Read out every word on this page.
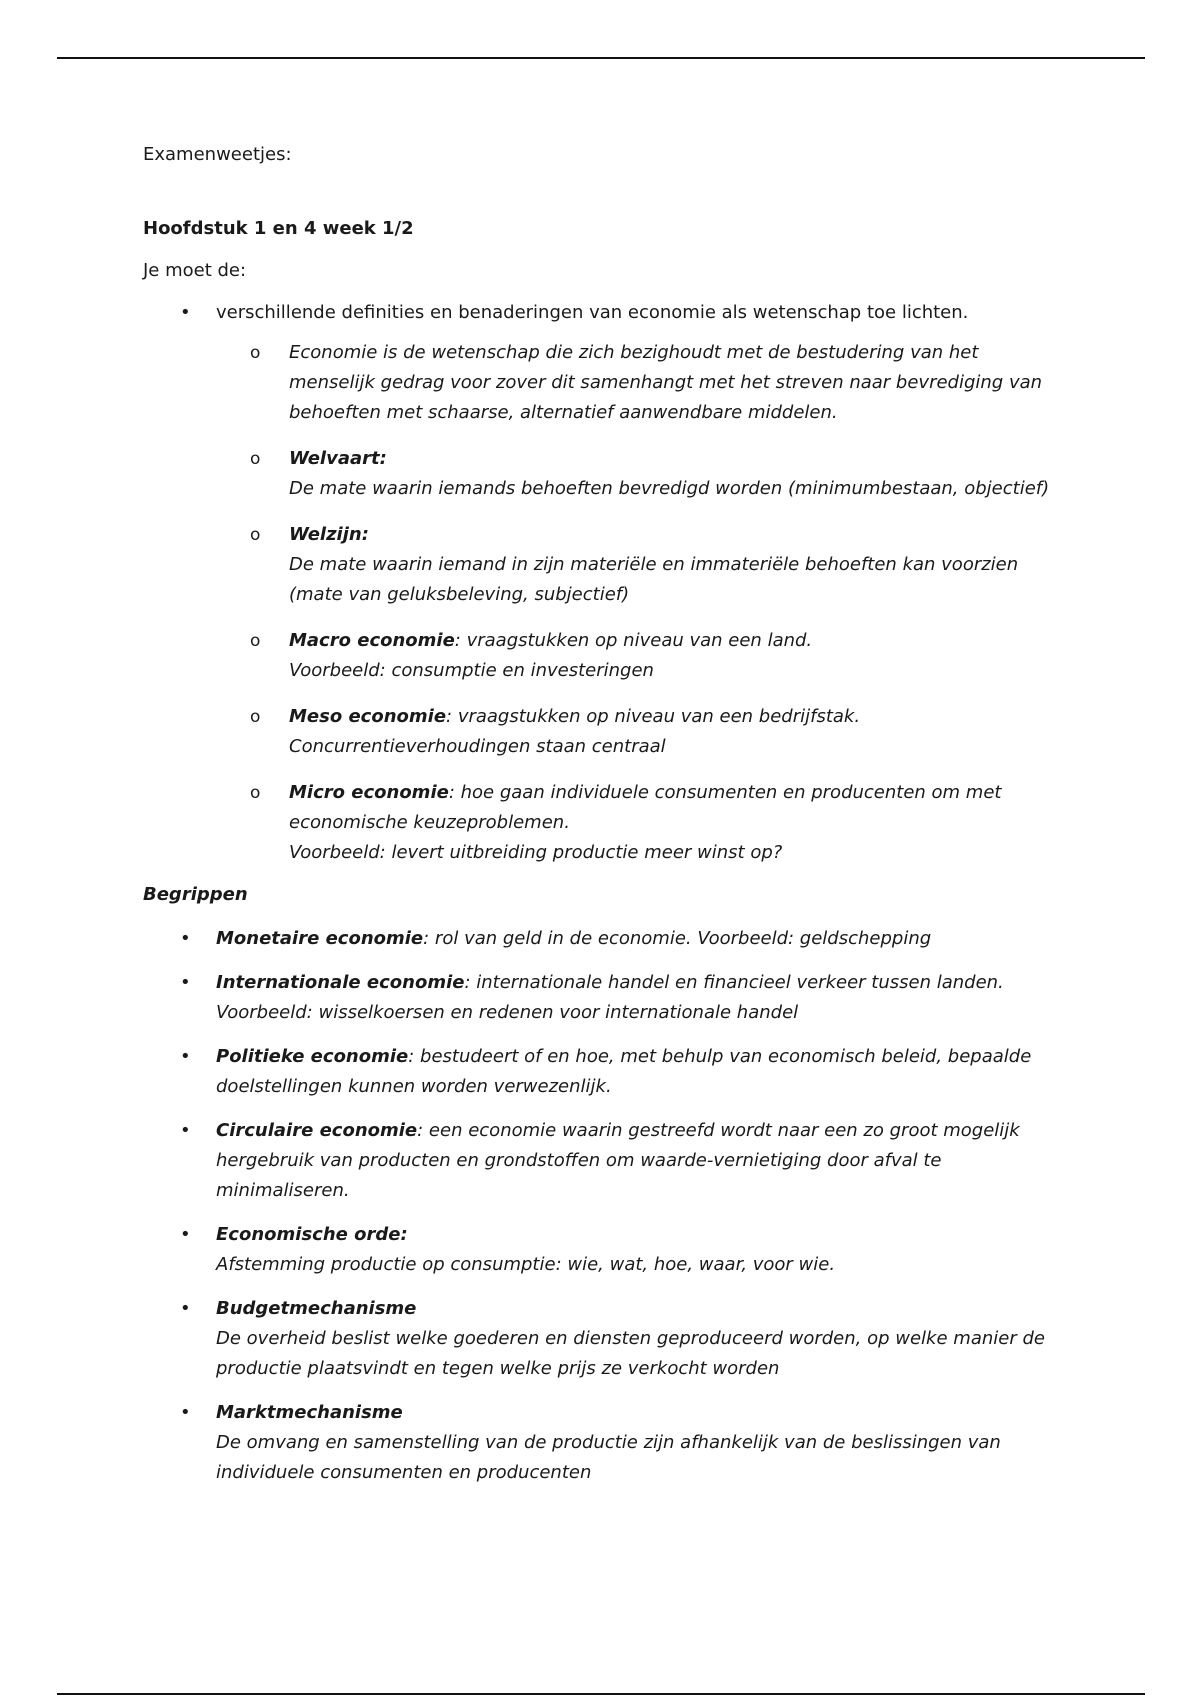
Examenweetjes:

Hoofdstuk 1 en 4 week 1/2

Je moet de:

• verschillende definities en benaderingen van economie als wetenschap toe lichten.
o Economie is de wetenschap die zich bezighoudt met de bestudering van het menselijk gedrag voor zover dit samenhangt met het streven naar bevrediging van behoeften met schaarse, alternatief aanwendbare middelen.
o Welvaart:
De mate waarin iemands behoeften bevredigd worden (minimumbestaan, objectief)
o Welzijn:
De mate waarin iemand in zijn materiële en immateriële behoeften kan voorzien (mate van geluksbeleving, subjectief)
o Macro economie: vraagstukken op niveau van een land.
Voorbeeld: consumptie en investeringen
o Meso economie: vraagstukken op niveau van een bedrijfstak.
Concurrentieverhoudingen staan centraal
o Micro economie: hoe gaan individuele consumenten en producenten om met economische keuzeproblemen.
Voorbeeld: levert uitbreiding productie meer winst op?

Begrippen

• Monetaire economie: rol van geld in de economie. Voorbeeld: geldschepping
• Internationale economie: internationale handel en financieel verkeer tussen landen.
Voorbeeld: wisselkoersen en redenen voor internationale handel
• Politieke economie: bestudeert of en hoe, met behulp van economisch beleid, bepaalde doelstellingen kunnen worden verwezenlijk.
• Circulaire economie: een economie waarin gestreefd wordt naar een zo groot mogelijk hergebruik van producten en grondstoffen om waarde-vernietiging door afval te minimaliseren.
• Economische orde:
Afstemming productie op consumptie: wie, wat, hoe, waar, voor wie.
• Budgetmechanisme
De overheid beslist welke goederen en diensten geproduceerd worden, op welke manier de productie plaatsvindt en tegen welke prijs ze verkocht worden
• Marktmechanisme
De omvang en samenstelling van de productie zijn afhankelijk van de beslissingen van individuele consumenten en producenten
